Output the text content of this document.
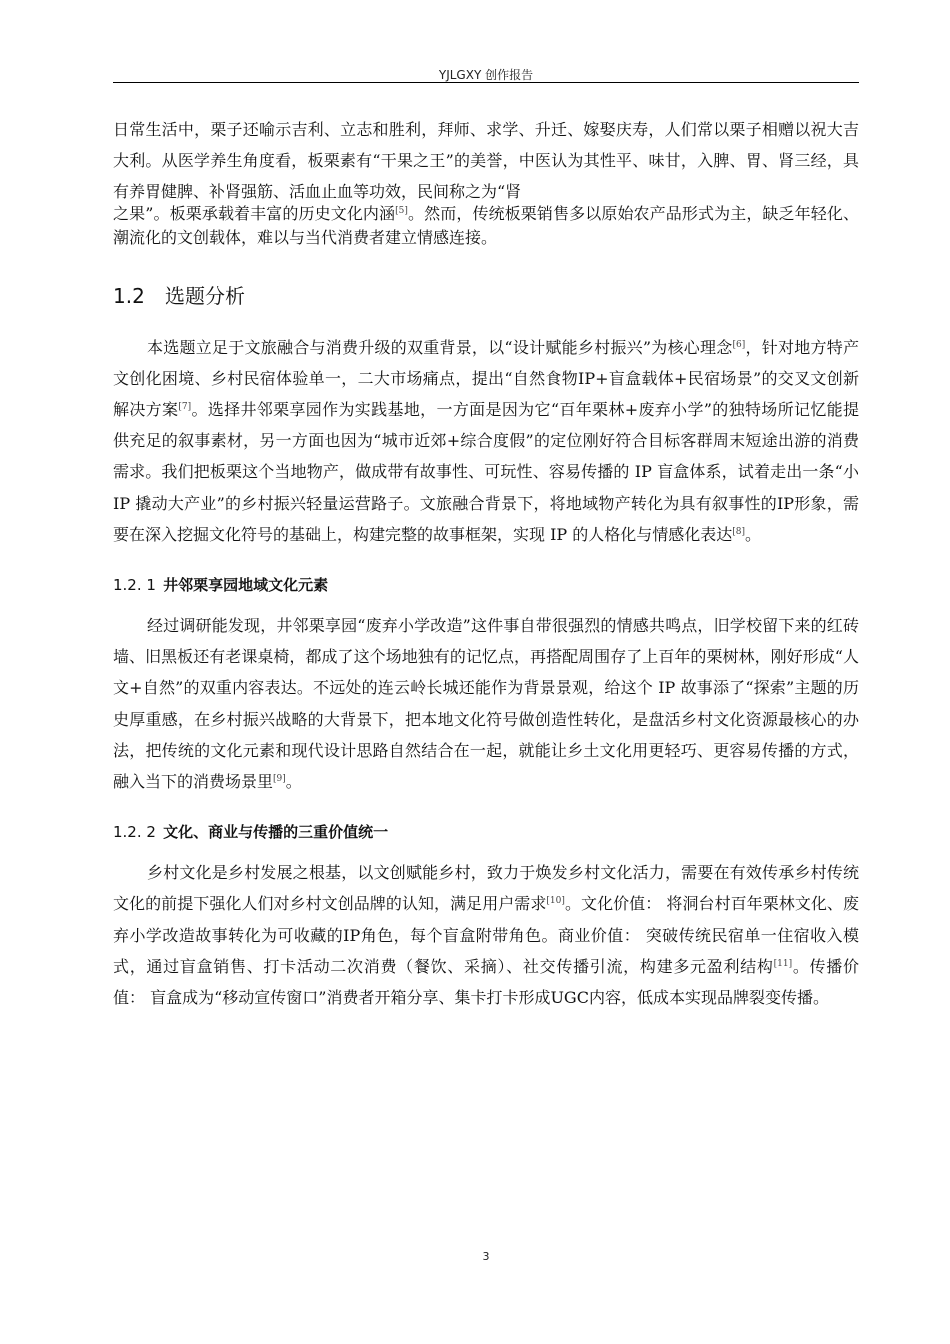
YJLGXY 创作报告

日常生活中，栗子还喻示吉利、立志和胜利，拜师、求学、升迁、嫁娶庆寿，人们常以栗子相赠以祝大吉大利。从医学养生角度看，板栗素有“干果之王”的美誉，中医认为其性平、味甘，入脾、胃、肾三经，具有养胃健脾、补肾强筋、活血止血等功效，民间称之为“肾

之果”。板栗承载着丰富的历史文化内涵[5]。然而，传统板栗销售多以原始农产品形式为主，缺乏年轻化、潮流化的文创载体，难以与当代消费者建立情感连接。

1.2 选题分析

本选题立足于文旅融合与消费升级的双重背景，以“设计赋能乡村振兴”为核心理念[6]，针对地方特产文创化困境、乡村民宿体验单一，二大市场痛点，提出“自然食物IP+盲盒载体+民宿场景”的交叉文创新解决方案[7]。选择井邻栗享园作为实践基地，一方面是因为它“百年栗林+废弃小学”的独特场所记忆能提供充足的叙事素材，另一方面也因为“城市近郊+综合度假”的定位刚好符合目标客群周末短途出游的消费需求。我们把板栗这个当地物产，做成带有故事性、可玩性、容易传播的 IP 盲盒体系，试着走出一条“小 IP 撬动大产业”的乡村振兴轻量运营路子。文旅融合背景下，将地域物产转化为具有叙事性的IP形象，需要在深入挖掘文化符号的基础上，构建完整的故事框架，实现 IP 的人格化与情感化表达[8]。

1.2. 1 井邻栗享园地域文化元素

经过调研能发现，井邻栗享园“废弃小学改造”这件事自带很强烈的情感共鸣点，旧学校留下来的红砖墙、旧黑板还有老课桌椅，都成了这个场地独有的记忆点，再搭配周围存了上百年的栗树林，刚好形成“人文+自然”的双重内容表达。不远处的连云岭长城还能作为背景景观，给这个 IP 故事添了“探索”主题的历史厚重感，在乡村振兴战略的大背景下，把本地文化符号做创造性转化，是盘活乡村文化资源最核心的办法，把传统的文化元素和现代设计思路自然结合在一起，就能让乡土文化用更轻巧、更容易传播的方式，融入当下的消费场景里[9]。

1.2. 2 文化、商业与传播的三重价值统一

乡村文化是乡村发展之根基，以文创赋能乡村，致力于焕发乡村文化活力，需要在有效传承乡村传统文化的前提下强化人们对乡村文创品牌的认知，满足用户需求[10]。文化价值： 将洞台村百年栗林文化、废弃小学改造故事转化为可收藏的IP角色，每个盲盒附带角色。商业价值： 突破传统民宿单一住宿收入模式，通过盲盒销售、打卡活动二次消费（餐饮、采摘）、社交传播引流，构建多元盈利结构[11]。传播价值： 盲盒成为“移动宣传窗口”消费者开箱分享、集卡打卡形成UGC内容，低成本实现品牌裂变传播。

3
